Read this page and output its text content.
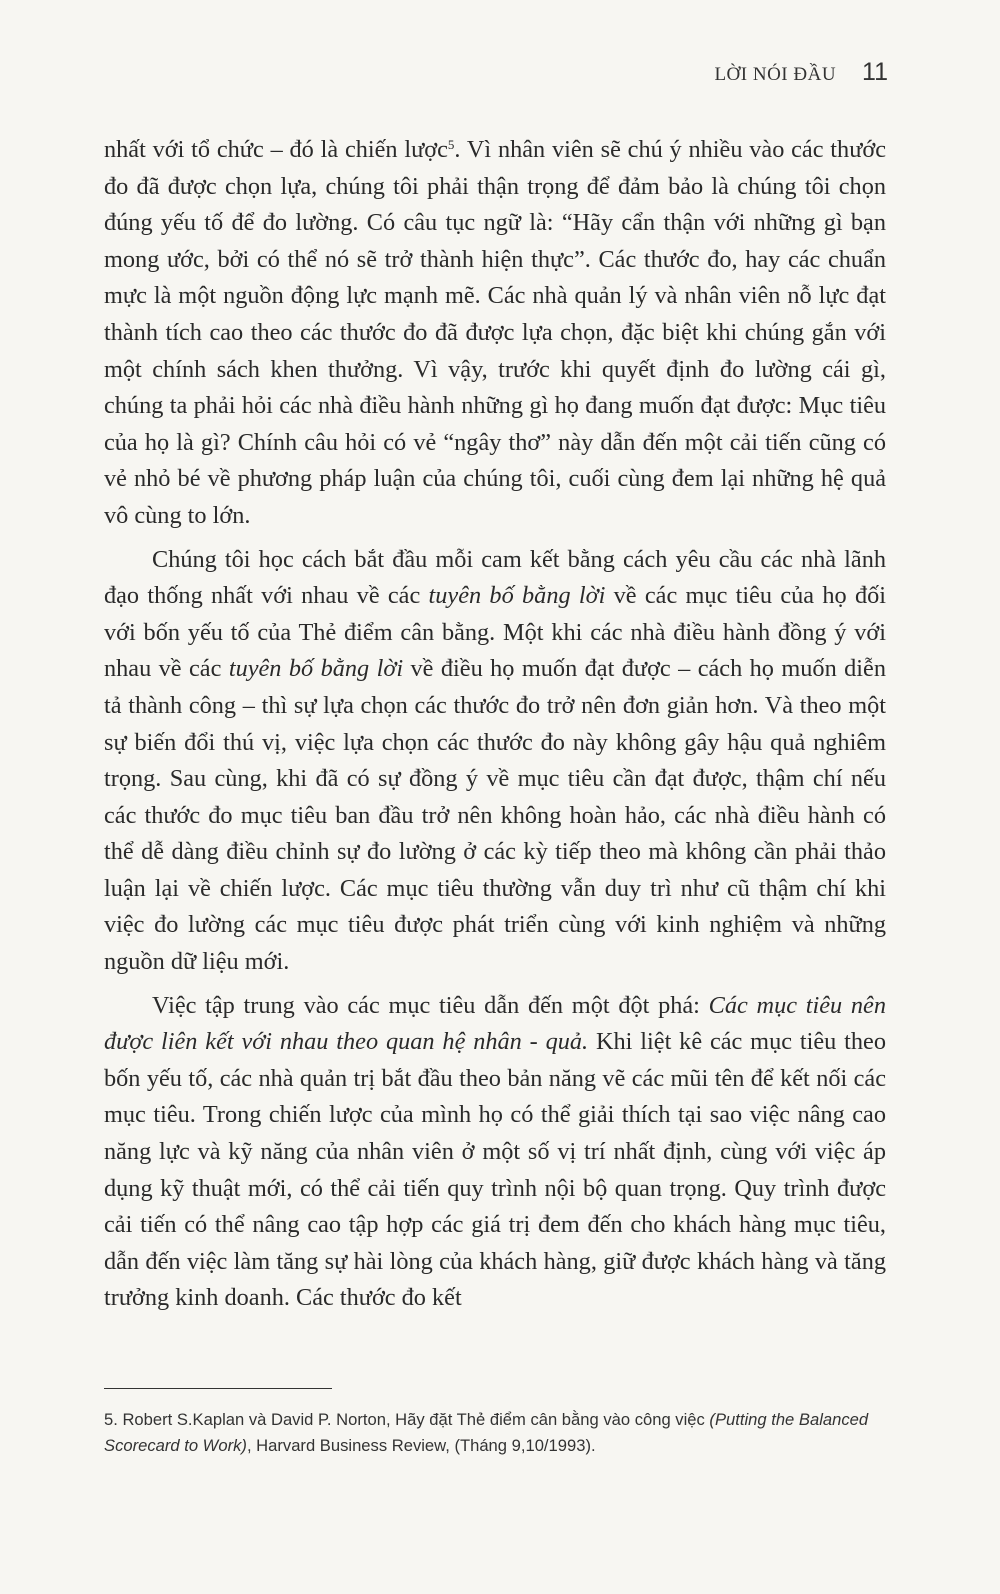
LỜI NÓI ĐẦU 11

nhất với tổ chức – đó là chiến lược$^5$. Vì nhân viên sẽ chú ý nhiều vào các thước đo đã được chọn lựa, chúng tôi phải thận trọng để đảm bảo là chúng tôi chọn đúng yếu tố để đo lường. Có câu tục ngữ là: “Hãy cẩn thận với những gì bạn mong ước, bởi có thể nó sẽ trở thành hiện thực”. Các thước đo, hay các chuẩn mực là một nguồn động lực mạnh mẽ. Các nhà quản lý và nhân viên nỗ lực đạt thành tích cao theo các thước đo đã được lựa chọn, đặc biệt khi chúng gắn với một chính sách khen thưởng. Vì vậy, trước khi quyết định đo lường cái gì, chúng ta phải hỏi các nhà điều hành những gì họ đang muốn đạt được: Mục tiêu của họ là gì? Chính câu hỏi có vẻ “ngây thơ” này dẫn đến một cải tiến cũng có vẻ nhỏ bé về phương pháp luận của chúng tôi, cuối cùng đem lại những hệ quả vô cùng to lớn.

Chúng tôi học cách bắt đầu mỗi cam kết bằng cách yêu cầu các nhà lãnh đạo thống nhất với nhau về các tuyên bố bằng lời về các mục tiêu của họ đối với bốn yếu tố của Thẻ điểm cân bằng. Một khi các nhà điều hành đồng ý với nhau về các tuyên bố bằng lời về điều họ muốn đạt được – cách họ muốn diễn tả thành công – thì sự lựa chọn các thước đo trở nên đơn giản hơn. Và theo một sự biến đổi thú vị, việc lựa chọn các thước đo này không gây hậu quả nghiêm trọng. Sau cùng, khi đã có sự đồng ý về mục tiêu cần đạt được, thậm chí nếu các thước đo mục tiêu ban đầu trở nên không hoàn hảo, các nhà điều hành có thể dễ dàng điều chỉnh sự đo lường ở các kỳ tiếp theo mà không cần phải thảo luận lại về chiến lược. Các mục tiêu thường vẫn duy trì như cũ thậm chí khi việc đo lường các mục tiêu được phát triển cùng với kinh nghiệm và những nguồn dữ liệu mới.

Việc tập trung vào các mục tiêu dẫn đến một đột phá: Các mục tiêu nên được liên kết với nhau theo quan hệ nhân - quả. Khi liệt kê các mục tiêu theo bốn yếu tố, các nhà quản trị bắt đầu theo bản năng vẽ các mũi tên để kết nối các mục tiêu. Trong chiến lược của mình họ có thể giải thích tại sao việc nâng cao năng lực và kỹ năng của nhân viên ở một số vị trí nhất định, cùng với việc áp dụng kỹ thuật mới, có thể cải tiến quy trình nội bộ quan trọng. Quy trình được cải tiến có thể nâng cao tập hợp các giá trị đem đến cho khách hàng mục tiêu, dẫn đến việc làm tăng sự hài lòng của khách hàng, giữ được khách hàng và tăng trưởng kinh doanh. Các thước đo kết

5. Robert S.Kaplan và David P. Norton, Hãy đặt Thẻ điểm cân bằng vào công việc (Putting the Balanced Scorecard to Work), Harvard Business Review, (Tháng 9,10/1993).
